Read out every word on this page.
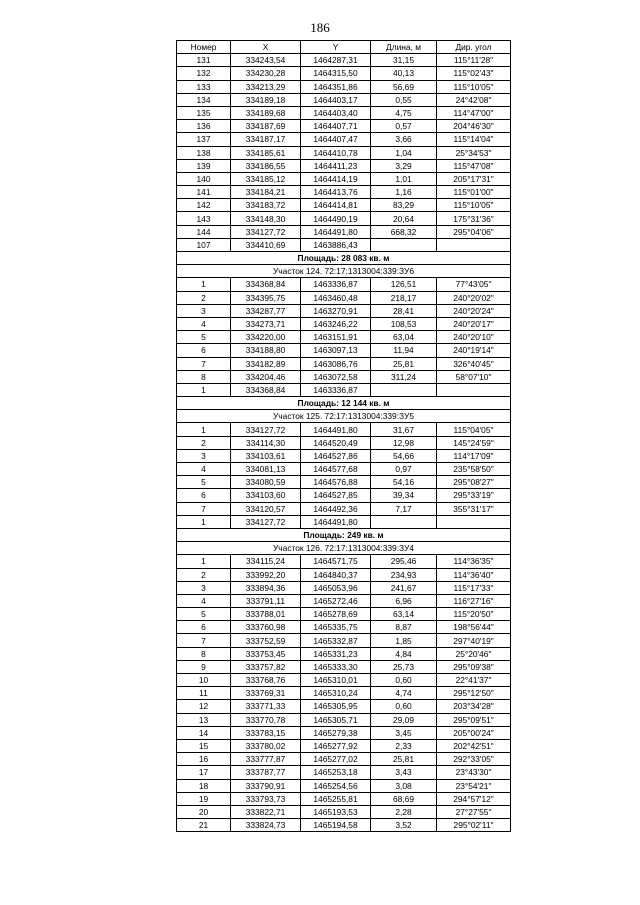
186
Номер	X	Y	Длина, м	Дир. угол
131	334243,54	1464287,31	31,15	115°11'28"
132	334230,28	1464315,50	40,13	115°02'43"
133	334213,29	1464351,86	56,69	115°10'05"
134	334189,18	1464403,17	0,55	24°42'08"
135	334189,68	1464403,40	4,75	114°47'00"
136	334187,69	1464407,71	0,57	204°46'30"
137	334187,17	1464407,47	3,66	115°14'04"
138	334185,61	1464410,78	1,04	25°34'53"
139	334186,55	1464411,23	3,29	115°47'08"
140	334185,12	1464414,19	1,01	205°17'31"
141	334184,21	1464413,76	1,16	115°01'00"
142	334183,72	1464414,81	83,29	115°10'05"
143	334148,30	1464490,19	20,64	175°31'36"
144	334127,72	1464491,80	668,32	295°04'06"
107	334410,69	1463886,43		
Площадь: 28 083 кв. м				
Участок 124. 72:17:1313004:339:ЗУ6				
1	334368,84	1463336,87	126,51	77°43'05"
2	334395,75	1463460,48	218,17	240°20'02"
3	334287,77	1463270,91	28,41	240°20'24"
4	334273,71	1463246,22	108,53	240°20'17"
5	334220,00	1463151,91	63,04	240°20'10"
6	334188,80	1463097,13	11,94	240°19'14"
7	334182,89	1463086,76	25,81	326°40'45"
8	334204,46	1463072,58	311,24	58°07'10"
1	334368,84	1463336,87		
Площадь: 12 144 кв. м				
Участок 125. 72:17:1313004:339:ЗУ5				
1	334127,72	1464491,80	31,67	115°04'05"
2	334114,30	1464520,49	12,98	145°24'59"
3	334103,61	1464527,86	54,66	114°17'09"
4	334081,13	1464577,68	0,97	235°58'50"
5	334080,59	1464576,88	54,16	295°08'27"
6	334103,60	1464527,85	39,34	295°33'19"
7	334120,57	1464492,36	7,17	355°31'17"
1	334127,72	1464491,80		
Площадь: 249 кв. м				
Участок 126. 72:17:1313004:339:ЗУ4				
1	334115,24	1464571,75	295,46	114°36'35"
2	333992,20	1464840,37	234,93	114°36'40"
3	333894,36	1465053,96	241,67	115°17'33"
4	333791,11	1465272,46	6,96	116°27'16"
5	333788,01	1465278,69	63,14	115°20'50"
6	333760,98	1465335,75	8,87	198°56'44"
7	333752,59	1465332,87	1,85	297°40'19"
8	333753,45	1465331,23	4,84	25°20'46"
9	333757,82	1465333,30	25,73	295°09'38"
10	333768,76	1465310,01	0,60	22°41'37"
11	333769,31	1465310,24	4,74	295°12'50"
12	333771,33	1465305,95	0,60	203°34'28"
13	333770,78	1465305,71	29,09	295°09'51"
14	333783,15	1465279,38	3,45	205°00'24"
15	333780,02	1465277,92	2,33	202°42'51"
16	333777,87	1465277,02	25,81	292°33'05"
17	333787,77	1465253,18	3,43	23°43'30"
18	333790,91	1465254,56	3,08	23°54'21"
19	333793,73	1465255,81	68,69	294°57'12"
20	333822,71	1465193,53	2,28	27°27'55"
21	333824,73	1465194,58	3,52	295°02'11"
